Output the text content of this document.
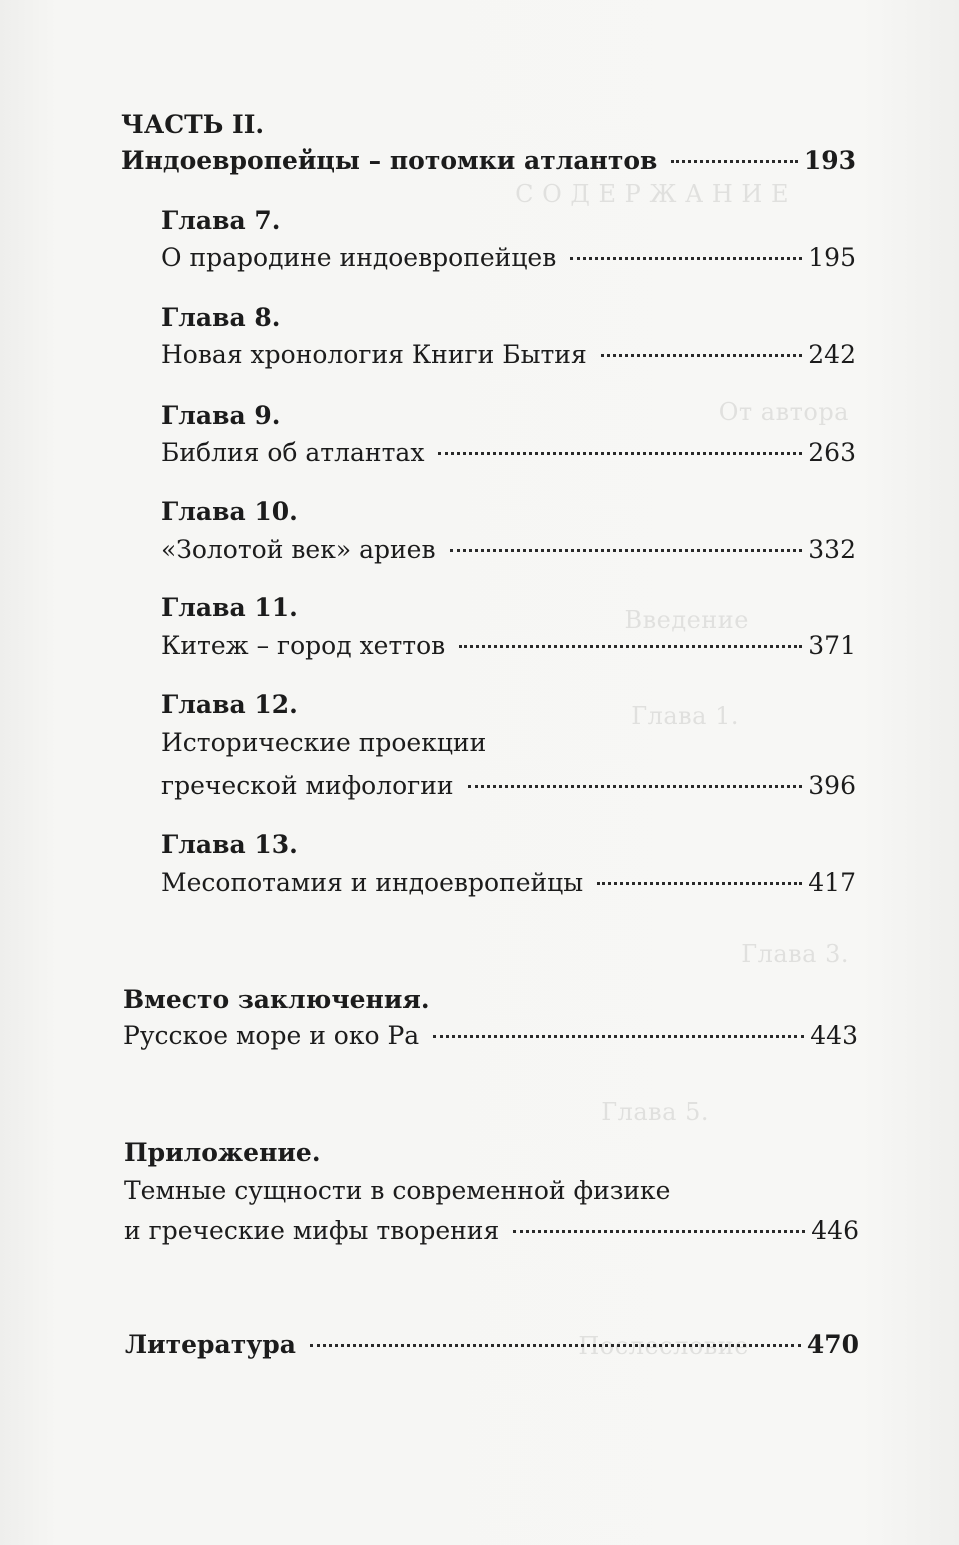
С О Д Е Р Ж А Н И Е
От автора
Введение
Глава 1.
Глава 3.
Глава 5.
Послесловие
ЧАСТЬ II.
Индоевропейцы – потомки атлантов	193
Глава 7.
О прародине индоевропейцев	195
Глава 8.
Новая хронология Книги Бытия	242
Глава 9.
Библия об атлантах	263
Глава 10.
«Золотой век» ариев	332
Глава 11.
Китеж – город хеттов	371
Глава 12.
Исторические проекции
греческой мифологии	396
Глава 13.
Месопотамия и индоевропейцы	417
Вместо заключения.
Русское море и око Ра	443
Приложение.
Темные сущности в современной физике
и греческие мифы творения	446
Литература	470
